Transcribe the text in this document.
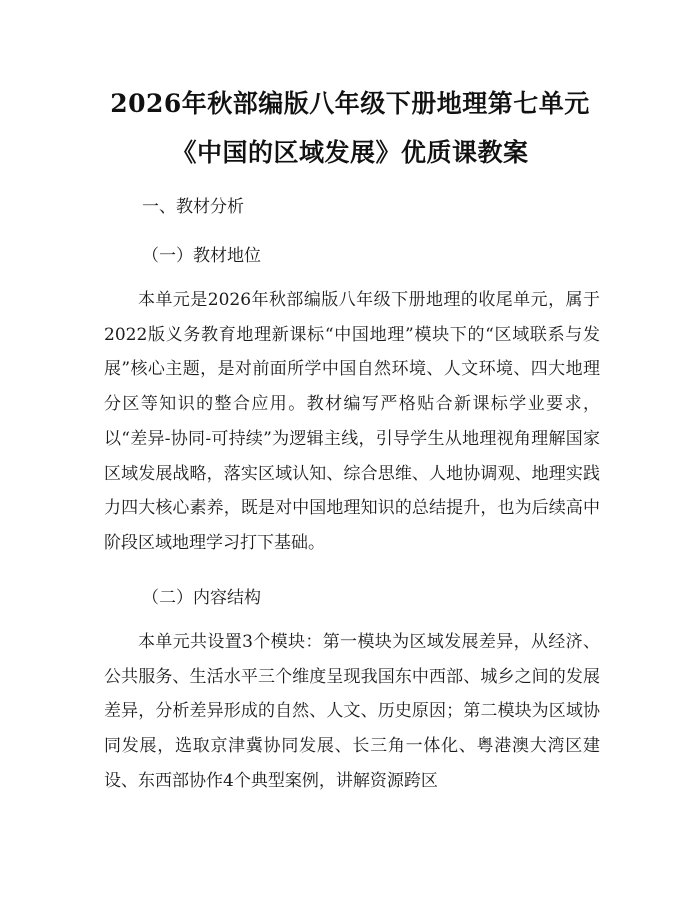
2026年秋部编版八年级下册地理第七单元
《中国的区域发展》优质课教案
一、教材分析
（一）教材地位
本单元是2026年秋部编版八年级下册地理的收尾单元，属于2022版义务教育地理新课标“中国地理”模块下的“区域联系与发展”核心主题，是对前面所学中国自然环境、人文环境、四大地理分区等知识的整合应用。教材编写严格贴合新课标学业要求，以“差异-协同-可持续”为逻辑主线，引导学生从地理视角理解国家区域发展战略，落实区域认知、综合思维、人地协调观、地理实践力四大核心素养，既是对中国地理知识的总结提升，也为后续高中阶段区域地理学习打下基础。
（二）内容结构
本单元共设置3个模块：第一模块为区域发展差异，从经济、公共服务、生活水平三个维度呈现我国东中西部、城乡之间的发展差异，分析差异形成的自然、人文、历史原因；第二模块为区域协同发展，选取京津冀协同发展、长三角一体化、粤港澳大湾区建设、东西部协作4个典型案例，讲解资源跨区
